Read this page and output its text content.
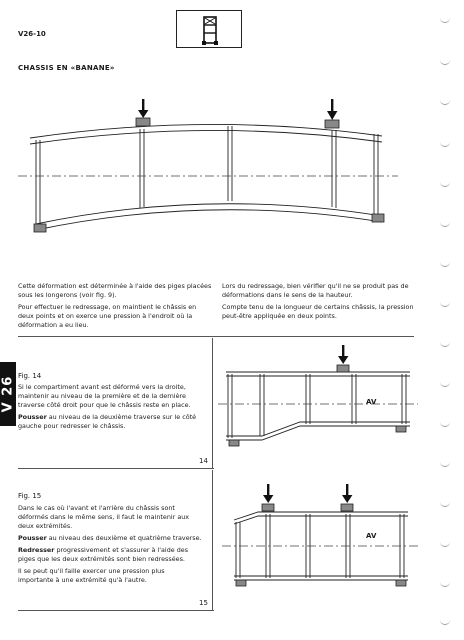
V26-10
CHASSIS EN «BANANE»
Cette déformation est déterminée à l'aide des piges placées sous les longerons (voir fig. 9).
Pour effectuer le redressage, on maintient le châssis en deux points et on exerce une pression à l'endroit où la déformation a eu lieu.
Lors du redressage, bien vérifier qu'il ne se produit pas de déformations dans le sens de la hauteur.
Compte tenu de la longueur de certains châssis, la pression peut-être appliquée en deux points.
V 26 Fig. 14
Si le compartiment avant est déformé vers la droite, maintenir au niveau de la première et de la dernière traverse côté droit pour que le châssis reste en place.
Pousser au niveau de la deuxième traverse sur le côté gauche pour redresser le châssis.
14
AV
Fig. 15
Dans le cas où l'avant et l'arrière du châssis sont déformés dans le même sens, il faut le maintenir aux deux extrémités.
Pousser au niveau des deuxième et quatrième traverse.
Redresser progressivement et s'assurer à l'aide des piges que les deux extrémités sont bien redressées.
Il se peut qu'il faille exercer une pression plus importante à une extrémité qu'à l'autre.
15
AV
